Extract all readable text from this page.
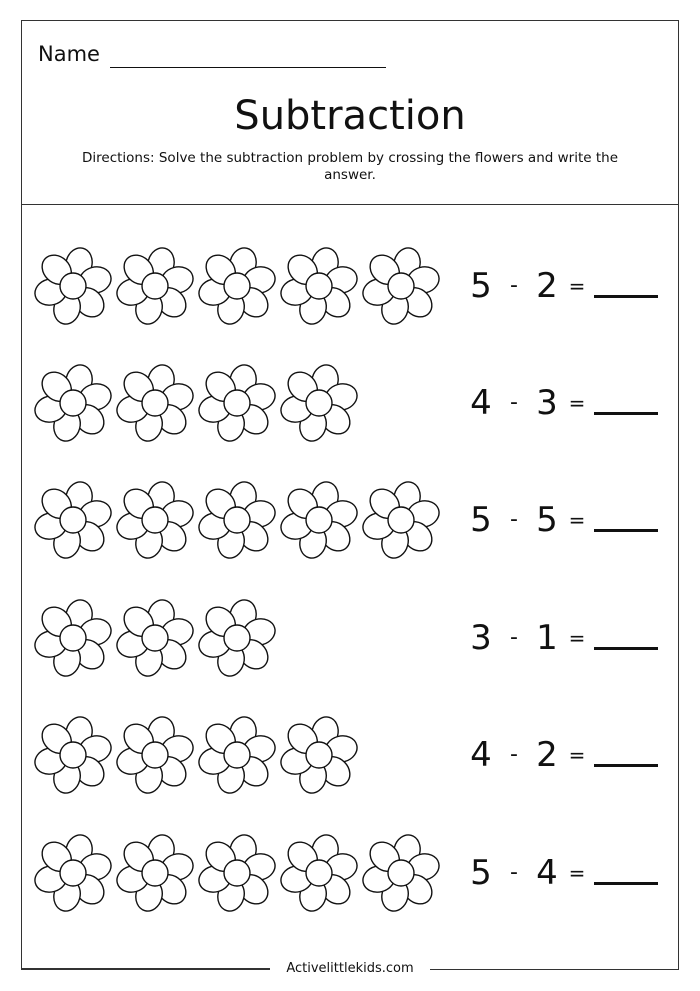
Name
Subtraction
Directions: Solve the subtraction problem by crossing the flowers and write the answer.
5 - 2 =
4 - 3 =
5 - 5 =
3 - 1 =
4 - 2 =
5 - 4 =
Activelittlekids.com
